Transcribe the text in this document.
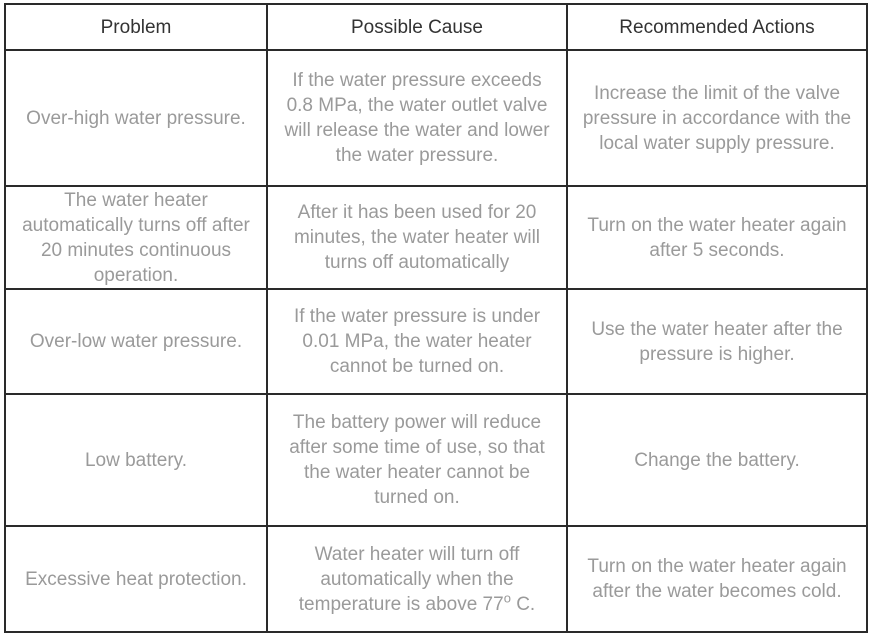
Problem	Possible Cause	Recommended Actions
Over-high water pressure.	If the water pressure exceeds 0.8 MPa, the water outlet valve will release the water and lower the water pressure.	Increase the limit of the valve pressure in accordance with the local water supply pressure.
The water heater automatically turns off after 20 minutes continuous operation.	After it has been used for 20 minutes, the water heater will turns off automatically	Turn on the water heater again after 5 seconds.
Over-low water pressure.	If the water pressure is under 0.01 MPa, the water heater cannot be turned on.	Use the water heater after the pressure is higher.
Low battery.	The battery power will reduce after some time of use, so that the water heater cannot be turned on.	Change the battery.
Excessive heat protection.	Water heater will turn off automatically when the temperature is above 77$^o$ C.	Turn on the water heater again after the water becomes cold.
